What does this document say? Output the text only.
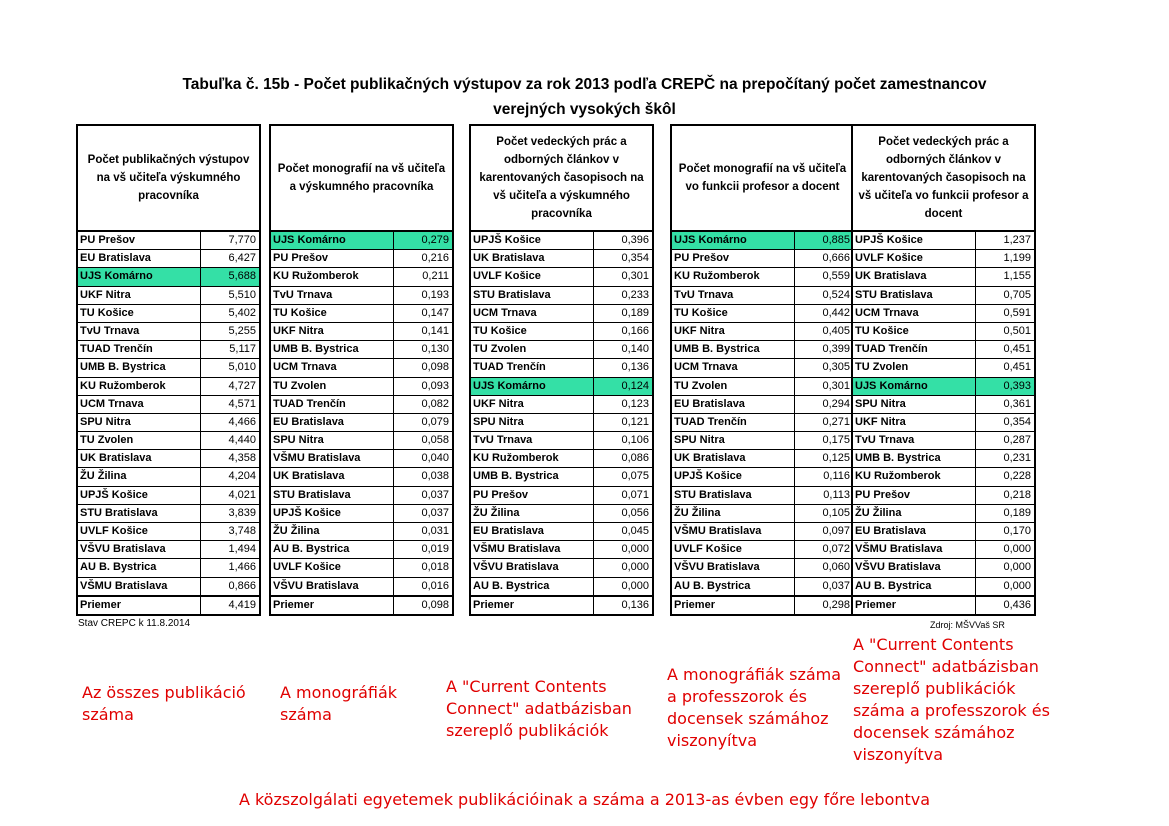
Tabuľka č. 15b - Počet publikačných výstupov za rok 2013 podľa CREPČ na prepočítaný počet zamestnancov
verejných vysokých škôl
Počet publikačných výstupov na vš učiteľa výskumného pracovníka
PU Prešov	7,770
EU Bratislava	6,427
UJS Komárno	5,688
UKF Nitra	5,510
TU Košice	5,402
TvU Trnava	5,255
TUAD Trenčín	5,117
UMB B. Bystrica	5,010
KU Ružomberok	4,727
UCM Trnava	4,571
SPU Nitra	4,466
TU Zvolen	4,440
UK Bratislava	4,358
ŽU Žilina	4,204
UPJŠ Košice	4,021
STU Bratislava	3,839
UVLF Košice	3,748
VŠVU Bratislava	1,494
AU B. Bystrica	1,466
VŠMU Bratislava	0,866
Priemer	4,419
Počet monografií na vš učiteľa a výskumného pracovníka
UJS Komárno	0,279
PU Prešov	0,216
KU Ružomberok	0,211
TvU Trnava	0,193
TU Košice	0,147
UKF Nitra	0,141
UMB B. Bystrica	0,130
UCM Trnava	0,098
TU Zvolen	0,093
TUAD Trenčín	0,082
EU Bratislava	0,079
SPU Nitra	0,058
VŠMU Bratislava	0,040
UK Bratislava	0,038
STU Bratislava	0,037
UPJŠ Košice	0,037
ŽU Žilina	0,031
AU B. Bystrica	0,019
UVLF Košice	0,018
VŠVU Bratislava	0,016
Priemer	0,098
Počet vedeckých prác a odborných článkov v karentovaných časopisoch na vš učiteľa a výskumného pracovníka
UPJŠ Košice	0,396
UK Bratislava	0,354
UVLF Košice	0,301
STU Bratislava	0,233
UCM Trnava	0,189
TU Košice	0,166
TU Zvolen	0,140
TUAD Trenčín	0,136
UJS Komárno	0,124
UKF Nitra	0,123
SPU Nitra	0,121
TvU Trnava	0,106
KU Ružomberok	0,086
UMB B. Bystrica	0,075
PU Prešov	0,071
ŽU Žilina	0,056
EU Bratislava	0,045
VŠMU Bratislava	0,000
VŠVU Bratislava	0,000
AU B. Bystrica	0,000
Priemer	0,136
Počet monografií na vš učiteľa vo funkcii profesor a docent
UJS Komárno	0,885
PU Prešov	0,666
KU Ružomberok	0,559
TvU Trnava	0,524
TU Košice	0,442
UKF Nitra	0,405
UMB B. Bystrica	0,399
UCM Trnava	0,305
TU Zvolen	0,301
EU Bratislava	0,294
TUAD Trenčín	0,271
SPU Nitra	0,175
UK Bratislava	0,125
UPJŠ Košice	0,116
STU Bratislava	0,113
ŽU Žilina	0,105
VŠMU Bratislava	0,097
UVLF Košice	0,072
VŠVU Bratislava	0,060
AU B. Bystrica	0,037
Priemer	0,298
Počet vedeckých prác a odborných článkov v karentovaných časopisoch na vš učiteľa vo funkcii profesor a docent
UPJŠ Košice	1,237
UVLF Košice	1,199
UK Bratislava	1,155
STU Bratislava	0,705
UCM Trnava	0,591
TU Košice	0,501
TUAD Trenčín	0,451
TU Zvolen	0,451
UJS Komárno	0,393
SPU Nitra	0,361
UKF Nitra	0,354
TvU Trnava	0,287
UMB B. Bystrica	0,231
KU Ružomberok	0,228
PU Prešov	0,218
ŽU Žilina	0,189
EU Bratislava	0,170
VŠMU Bratislava	0,000
VŠVU Bratislava	0,000
AU B. Bystrica	0,000
Priemer	0,436
Stav CREPC k 11.8.2014	Zdroj: MŠVVaš SR
Az összes publikáció száma
A monográfiák száma
A "Current Contents Connect" adatbázisban szereplő publikációk
A monográfiák száma a professzorok és docensek számához viszonyítva
A "Current Contents Connect" adatbázisban szereplő publikációk száma a professzorok és docensek számához viszonyítva
A közszolgálati egyetemek publikációinak a száma a 2013-as évben egy főre lebontva
